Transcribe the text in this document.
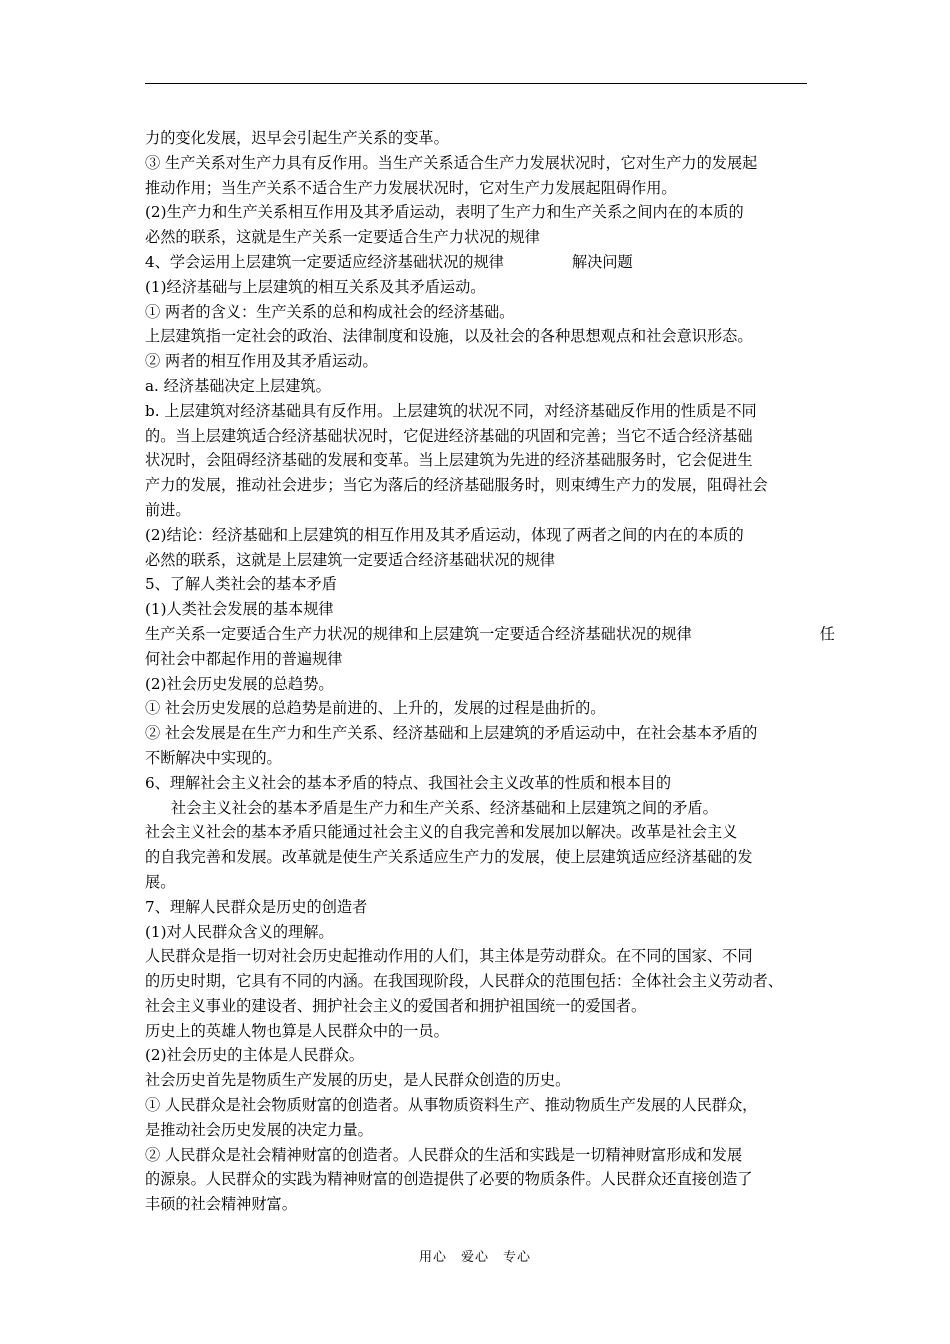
力的变化发展，迟早会引起生产关系的变革。
③ 生产关系对生产力具有反作用。当生产关系适合生产力发展状况时，它对生产力的发展起
推动作用；当生产关系不适合生产力发展状况时，它对生产力发展起阻碍作用。
(2)生产力和生产关系相互作用及其矛盾运动，表明了生产力和生产关系之间内在的本质的
必然的联系，这就是生产关系一定要适合生产力状况的规律
4、学会运用上层建筑一定要适应经济基础状况的规律	解决问题
(1)经济基础与上层建筑的相互关系及其矛盾运动。
① 两者的含义：生产关系的总和构成社会的经济基础。
上层建筑指一定社会的政治、法律制度和设施，以及社会的各种思想观点和社会意识形态。
② 两者的相互作用及其矛盾运动。
a. 经济基础决定上层建筑。
b. 上层建筑对经济基础具有反作用。上层建筑的状况不同，对经济基础反作用的性质是不同
的。当上层建筑适合经济基础状况时，它促进经济基础的巩固和完善；当它不适合经济基础
状况时，会阻碍经济基础的发展和变革。当上层建筑为先进的经济基础服务时，它会促进生
产力的发展，推动社会进步；当它为落后的经济基础服务时，则束缚生产力的发展，阻碍社会
前进。
(2)结论：经济基础和上层建筑的相互作用及其矛盾运动，体现了两者之间的内在的本质的
必然的联系，这就是上层建筑一定要适合经济基础状况的规律
5、了解人类社会的基本矛盾
(1)人类社会发展的基本规律
生产关系一定要适合生产力状况的规律和上层建筑一定要适合经济基础状况的规律	任
何社会中都起作用的普遍规律
(2)社会历史发展的总趋势。
① 社会历史发展的总趋势是前进的、上升的，发展的过程是曲折的。
② 社会发展是在生产力和生产关系、经济基础和上层建筑的矛盾运动中，在社会基本矛盾的
不断解决中实现的。
6、理解社会主义社会的基本矛盾的特点、我国社会主义改革的性质和根本目的
社会主义社会的基本矛盾是生产力和生产关系、经济基础和上层建筑之间的矛盾。
社会主义社会的基本矛盾只能通过社会主义的自我完善和发展加以解决。改革是社会主义
的自我完善和发展。改革就是使生产关系适应生产力的发展，使上层建筑适应经济基础的发
展。
7、理解人民群众是历史的创造者
(1)对人民群众含义的理解。
人民群众是指一切对社会历史起推动作用的人们，其主体是劳动群众。在不同的国家、不同
的历史时期，它具有不同的内涵。在我国现阶段，人民群众的范围包括：全体社会主义劳动者、
社会主义事业的建设者、拥护社会主义的爱国者和拥护祖国统一的爱国者。
历史上的英雄人物也算是人民群众中的一员。
(2)社会历史的主体是人民群众。
社会历史首先是物质生产发展的历史，是人民群众创造的历史。
① 人民群众是社会物质财富的创造者。从事物质资料生产、推动物质生产发展的人民群众，
是推动社会历史发展的决定力量。
② 人民群众是社会精神财富的创造者。人民群众的生活和实践是一切精神财富形成和发展
的源泉。人民群众的实践为精神财富的创造提供了必要的物质条件。人民群众还直接创造了
丰硕的社会精神财富。
用心　爱心　专心
